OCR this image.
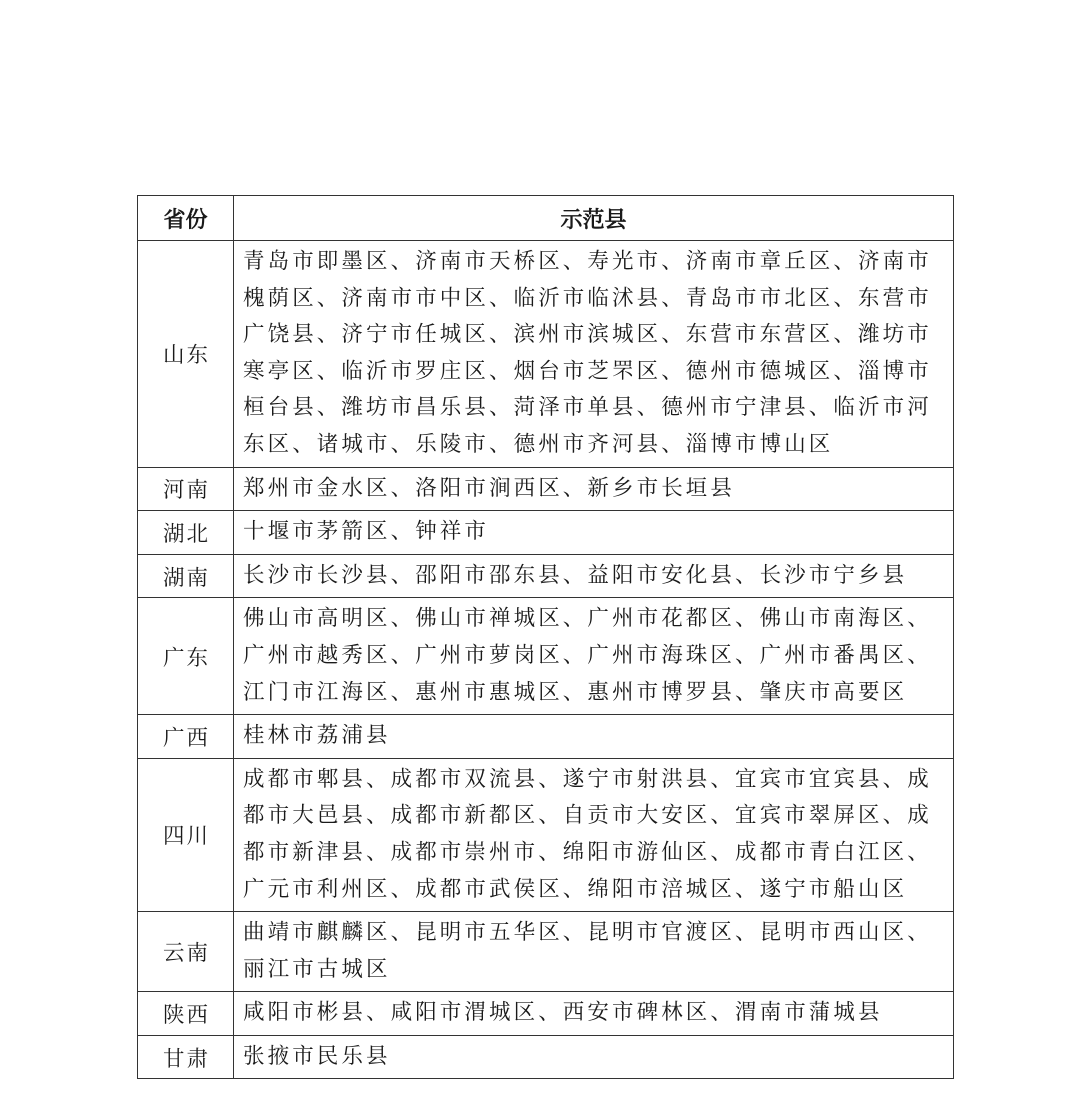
省份	示范县
山东	青岛市即墨区、济南市天桥区、寿光市、济南市章丘区、济南市槐荫区、济南市市中区、临沂市临沭县、青岛市市北区、东营市广饶县、济宁市任城区、滨州市滨城区、东营市东营区、潍坊市寒亭区、临沂市罗庄区、烟台市芝罘区、德州市德城区、淄博市桓台县、潍坊市昌乐县、菏泽市单县、德州市宁津县、临沂市河东区、诸城市、乐陵市、德州市齐河县、淄博市博山区
河南	郑州市金水区、洛阳市涧西区、新乡市长垣县
湖北	十堰市茅箭区、钟祥市
湖南	长沙市长沙县、邵阳市邵东县、益阳市安化县、长沙市宁乡县
广东	佛山市高明区、佛山市禅城区、广州市花都区、佛山市南海区、广州市越秀区、广州市萝岗区、广州市海珠区、广州市番禺区、江门市江海区、惠州市惠城区、惠州市博罗县、肇庆市高要区
广西	桂林市荔浦县
四川	成都市郫县、成都市双流县、遂宁市射洪县、宜宾市宜宾县、成都市大邑县、成都市新都区、自贡市大安区、宜宾市翠屏区、成都市新津县、成都市崇州市、绵阳市游仙区、成都市青白江区、广元市利州区、成都市武侯区、绵阳市涪城区、遂宁市船山区
云南	曲靖市麒麟区、昆明市五华区、昆明市官渡区、昆明市西山区、丽江市古城区
陕西	咸阳市彬县、咸阳市渭城区、西安市碑林区、渭南市蒲城县
甘肃	张掖市民乐县
